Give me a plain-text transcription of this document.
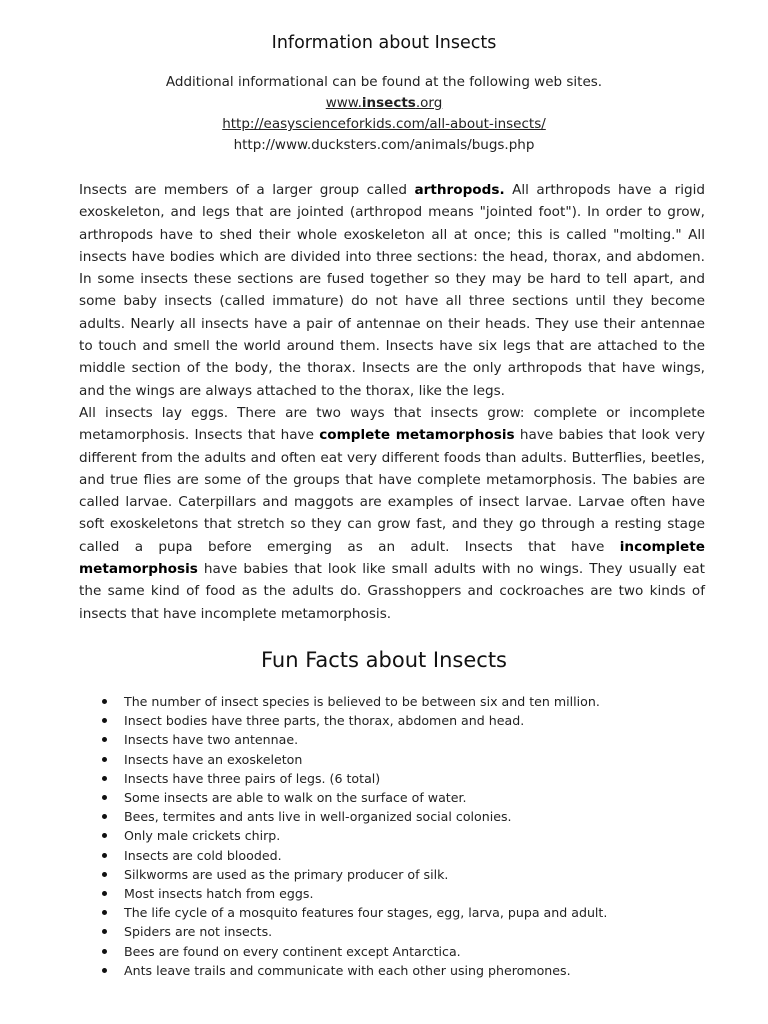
Information about Insects
Additional informational can be found at the following web sites.
www.insects.org
http://easyscienceforkids.com/all-about-insects/
http://www.ducksters.com/animals/bugs.php

Insects are members of a larger group called arthropods. All arthropods have a rigid exoskeleton, and legs that are jointed (arthropod means "jointed foot"). In order to grow, arthropods have to shed their whole exoskeleton all at once; this is called "molting." All insects have bodies which are divided into three sections: the head, thorax, and abdomen. In some insects these sections are fused together so they may be hard to tell apart, and some baby insects (called immature) do not have all three sections until they become adults. Nearly all insects have a pair of antennae on their heads. They use their antennae to touch and smell the world around them. Insects have six legs that are attached to the middle section of the body, the thorax. Insects are the only arthropods that have wings, and the wings are always attached to the thorax, like the legs.

All insects lay eggs. There are two ways that insects grow: complete or incomplete metamorphosis. Insects that have complete metamorphosis have babies that look very different from the adults and often eat very different foods than adults. Butterflies, beetles, and true flies are some of the groups that have complete metamorphosis. The babies are called larvae. Caterpillars and maggots are examples of insect larvae. Larvae often have soft exoskeletons that stretch so they can grow fast, and they go through a resting stage called a pupa before emerging as an adult. Insects that have incomplete metamorphosis have babies that look like small adults with no wings. They usually eat the same kind of food as the adults do. Grasshoppers and cockroaches are two kinds of insects that have incomplete metamorphosis.

Fun Facts about Insects
The number of insect species is believed to be between six and ten million.
Insect bodies have three parts, the thorax, abdomen and head.
Insects have two antennae.
Insects have an exoskeleton
Insects have three pairs of legs. (6 total)
Some insects are able to walk on the surface of water.
Bees, termites and ants live in well-organized social colonies.
Only male crickets chirp.
Insects are cold blooded.
Silkworms are used as the primary producer of silk.
Most insects hatch from eggs.
The life cycle of a mosquito features four stages, egg, larva, pupa and adult.
Spiders are not insects.
Bees are found on every continent except Antarctica.
Ants leave trails and communicate with each other using pheromones.
